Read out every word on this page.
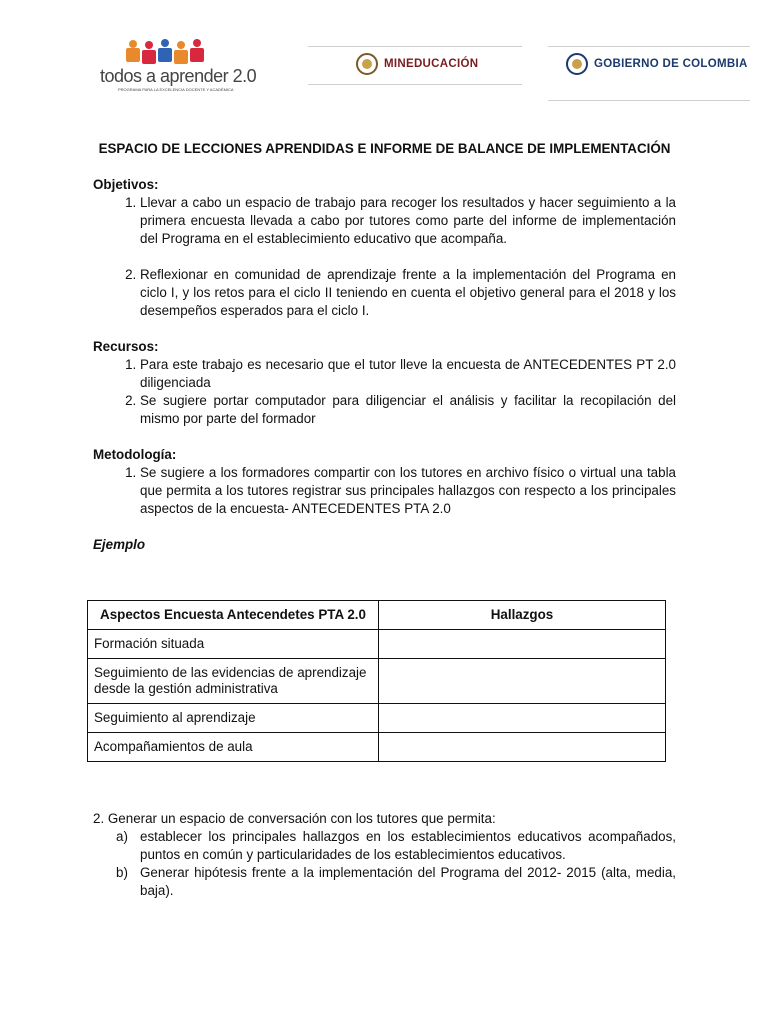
todos a aprender 2.0
PROGRAMA PARA LA EXCELENCIA DOCENTE Y ACADÉMICA
MINEDUCACIÓN	GOBIERNO DE COLOMBIA

ESPACIO DE LECCIONES APRENDIDAS E INFORME DE BALANCE DE IMPLEMENTACIÓN

Objetivos:

1. Llevar a cabo un espacio de trabajo para recoger los resultados y hacer seguimiento a la primera encuesta llevada a cabo por tutores como parte del informe de implementación del Programa en el establecimiento educativo que acompaña.
2. Reflexionar en comunidad de aprendizaje frente a la implementación del Programa en ciclo I, y los retos para el ciclo II teniendo en cuenta el objetivo general para el 2018 y los desempeños esperados para el ciclo I.

Recursos:

1. Para este trabajo es necesario que el tutor lleve la encuesta de ANTECEDENTES PT 2.0 diligenciada
2. Se sugiere portar computador para diligenciar el análisis y facilitar la recopilación del mismo por parte del formador

Metodología:

1. Se sugiere a los formadores compartir con los tutores en archivo físico o virtual una tabla que permita a los tutores registrar sus principales hallazgos con respecto a los principales aspectos de la encuesta- ANTECEDENTES PTA 2.0

Ejemplo

Aspectos Encuesta Antecendetes PTA 2.0	Hallazgos
Formación situada	
Seguimiento de las evidencias de aprendizaje desde la gestión administrativa	
Seguimiento al aprendizaje	
Acompañamientos de aula	

2. Generar un espacio de conversación con los tutores que permita:

a) establecer los principales hallazgos en los establecimientos educativos acompañados, puntos en común y particularidades de los establecimientos educativos.
b) Generar hipótesis frente a la implementación del Programa del 2012- 2015 (alta, media, baja).
